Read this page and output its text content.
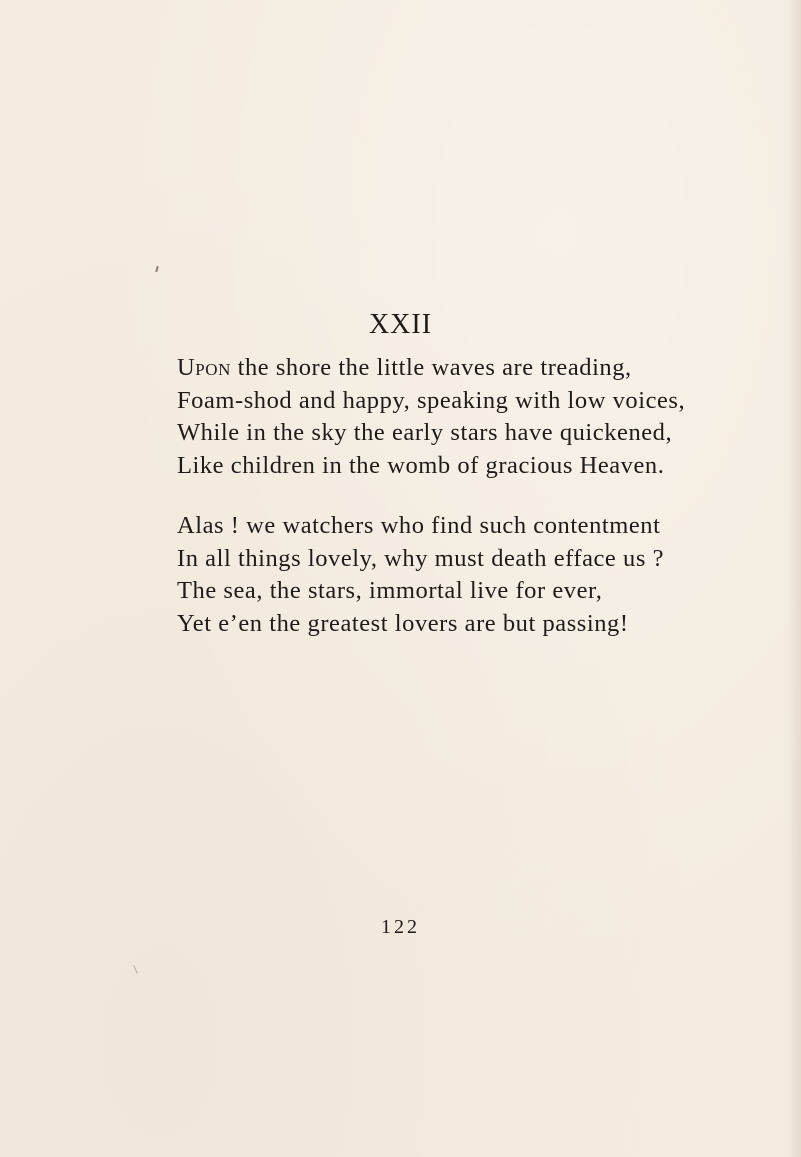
XXII
Upon the shore the little waves are treading,
Foam-shod and happy, speaking with low voices,
While in the sky the early stars have quickened,
Like children in the womb of gracious Heaven.
Alas ! we watchers who find such contentment
In all things lovely, why must death efface us ?
The sea, the stars, immortal live for ever,
Yet e’en the greatest lovers are but passing!
122
